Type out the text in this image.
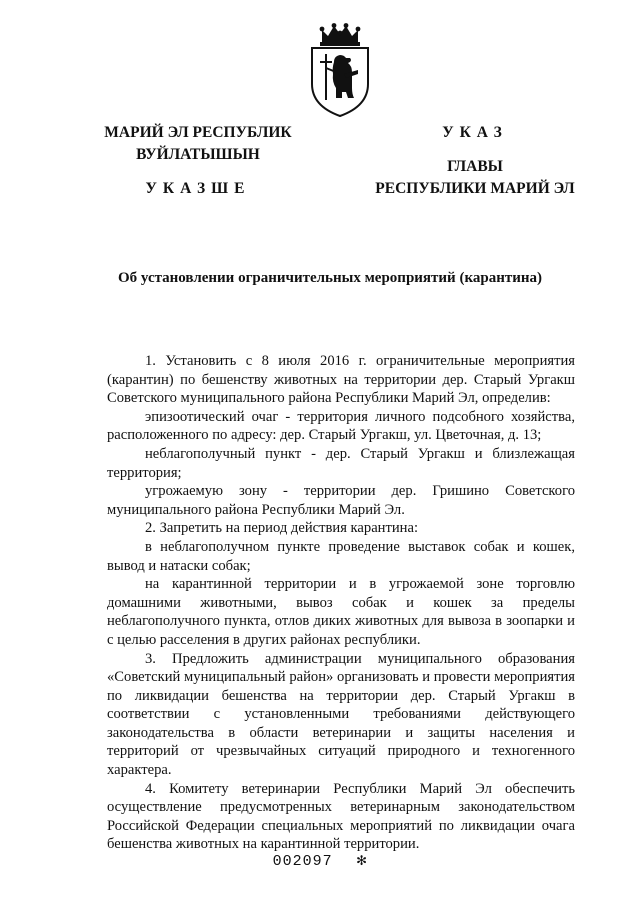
МАРИЙ ЭЛ РЕСПУБЛИК
ВУЙЛАТЫШЫН
УКАЗШЕ
УКАЗ
ГЛАВЫ
РЕСПУБЛИКИ МАРИЙ ЭЛ
Об установлении ограничительных мероприятий (карантина)

1. Установить с 8 июля 2016 г. ограничительные мероприятия (карантин) по бешенству животных на территории дер. Старый Ургакш Советского муниципального района Республики Марий Эл, определив:

эпизоотический очаг - территория личного подсобного хозяйства, расположенного по адресу: дер. Старый Ургакш, ул. Цветочная, д. 13;

неблагополучный пункт - дер. Старый Ургакш и близлежащая территория;

угрожаемую зону - территории дер. Гришино Советского муниципального района Республики Марий Эл.

2. Запретить на период действия карантина:

в неблагополучном пункте проведение выставок собак и кошек, вывод и натаски собак;

на карантинной территории и в угрожаемой зоне торговлю домашними животными, вывоз собак и кошек за пределы неблагополучного пункта, отлов диких животных для вывоза в зоопарки и с целью расселения в других районах республики.

3. Предложить администрации муниципального образования «Советский муниципальный район» организовать и провести мероприятия по ликвидации бешенства на территории дер. Старый Ургакш в соответствии с установленными требованиями действующего законодательства в области ветеринарии и защиты населения и территорий от чрезвычайных ситуаций природного и техногенного характера.

4. Комитету ветеринарии Республики Марий Эл обеспечить осуществление предусмотренных ветеринарным законодательством Российской Федерации специальных мероприятий по ликвидации очага бешенства животных на карантинной территории.

002097 ✻
